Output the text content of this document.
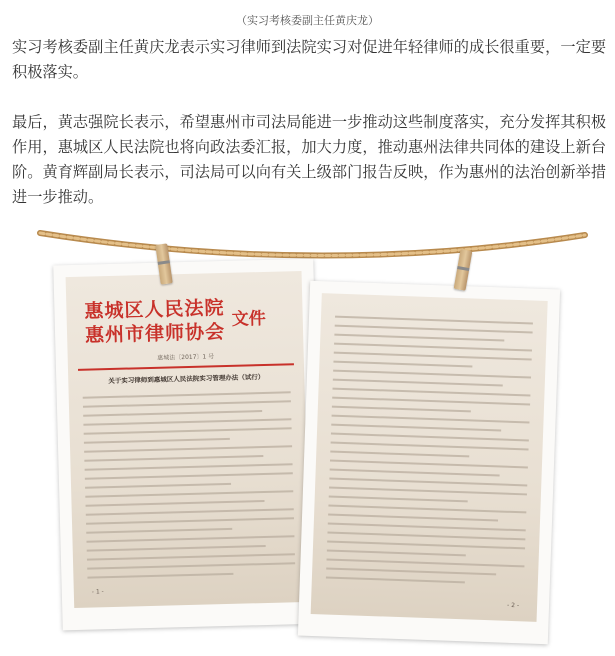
（实习考核委副主任黄庆龙）
实习考核委副主任黄庆龙表示实习律师到法院实习对促进年轻律师的成长很重要，一定要积极落实。
最后，黄志强院长表示，希望惠州市司法局能进一步推动这些制度落实，充分发挥其积极作用，惠城区人民法院也将向政法委汇报，加大力度，推动惠州法律共同体的建设上新台阶。黄育辉副局长表示，司法局可以向有关上级部门报告反映，作为惠州的法治创新举措进一步推动。
惠城区人民法院
惠州市律师协会
文件
惠城法〔2017〕1 号
关于实习律师到惠城区人民法院实习管理办法（试行）
- 1 -
- 2 -
